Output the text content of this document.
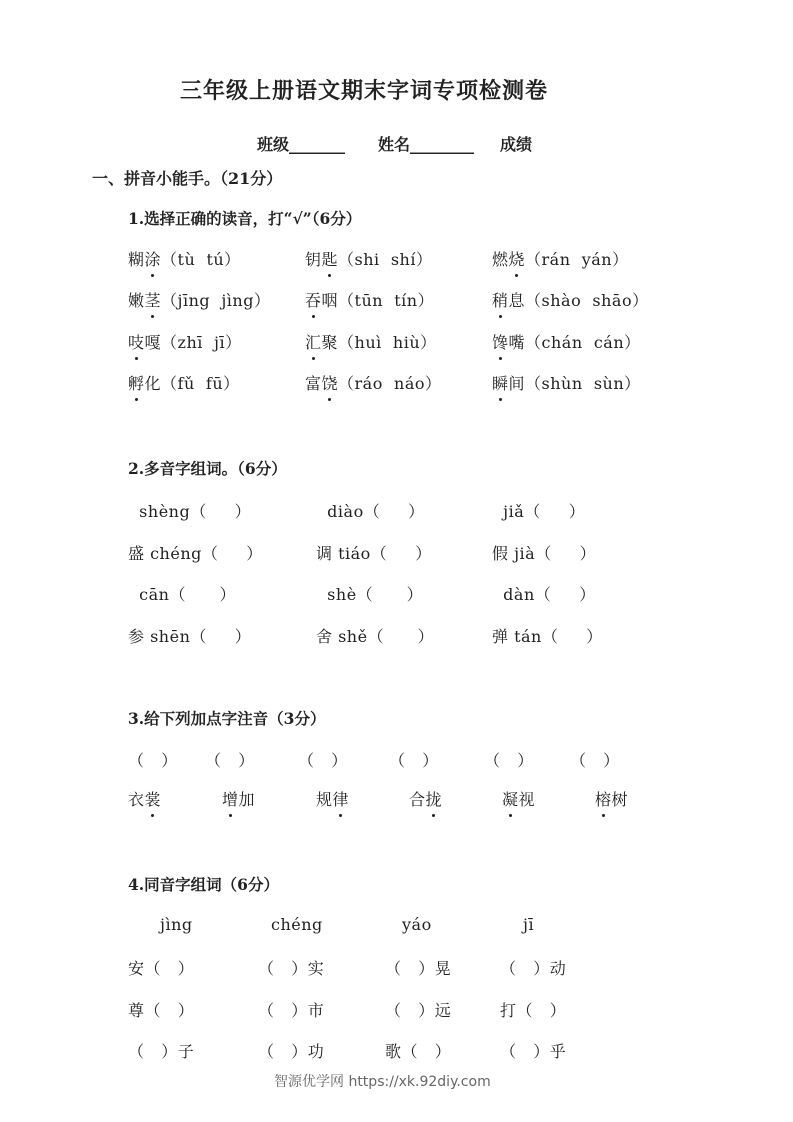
三年级上册语文期末字词专项检测卷
班级_______ 姓名________ 成绩
一、拼音小能手。（21分）
1.选择正确的读音，打“√”（6分）
糊涂（tù  tú）	钥匙（shi  shí）	燃烧（rán  yán）
嫩茎（jīng  jìng） 吞咽（tūn  tín）	稍息（shào  shāo）
吱嘎（zhī  jī）	汇聚（huì  hiù）	馋嘴（chán  cán）
孵化（fǔ  fū）	富饶（ráo  náo）	瞬间（shùn  sùn）
2.多音字组词。（6分）
shèng（     ）	diào（     ）	jiǎ（     ）
盛 chéng（     ）	调 tiáo（     ）	假 jià（     ）
cān（      ）	shè（      ）	dàn（     ）
参 shēn（     ）	舍 shě（      ）	弹 tán（     ）
3.给下列加点字注音（3分）
（   ） （   ）	（   ）	（   ）	（   ） （   ）
衣裳	增加	规律	合拢	凝视	榕树
4.同音字组词（6分）
jìng	chéng	yáo	jī
安（   ）	（   ）实	（   ）晃	（   ）动
尊（   ）	（   ）市	（   ）远	打（   ）
（   ）子	（   ）功	歌（   ）	（   ）乎
智源优学网 https://xk.92diy.com
